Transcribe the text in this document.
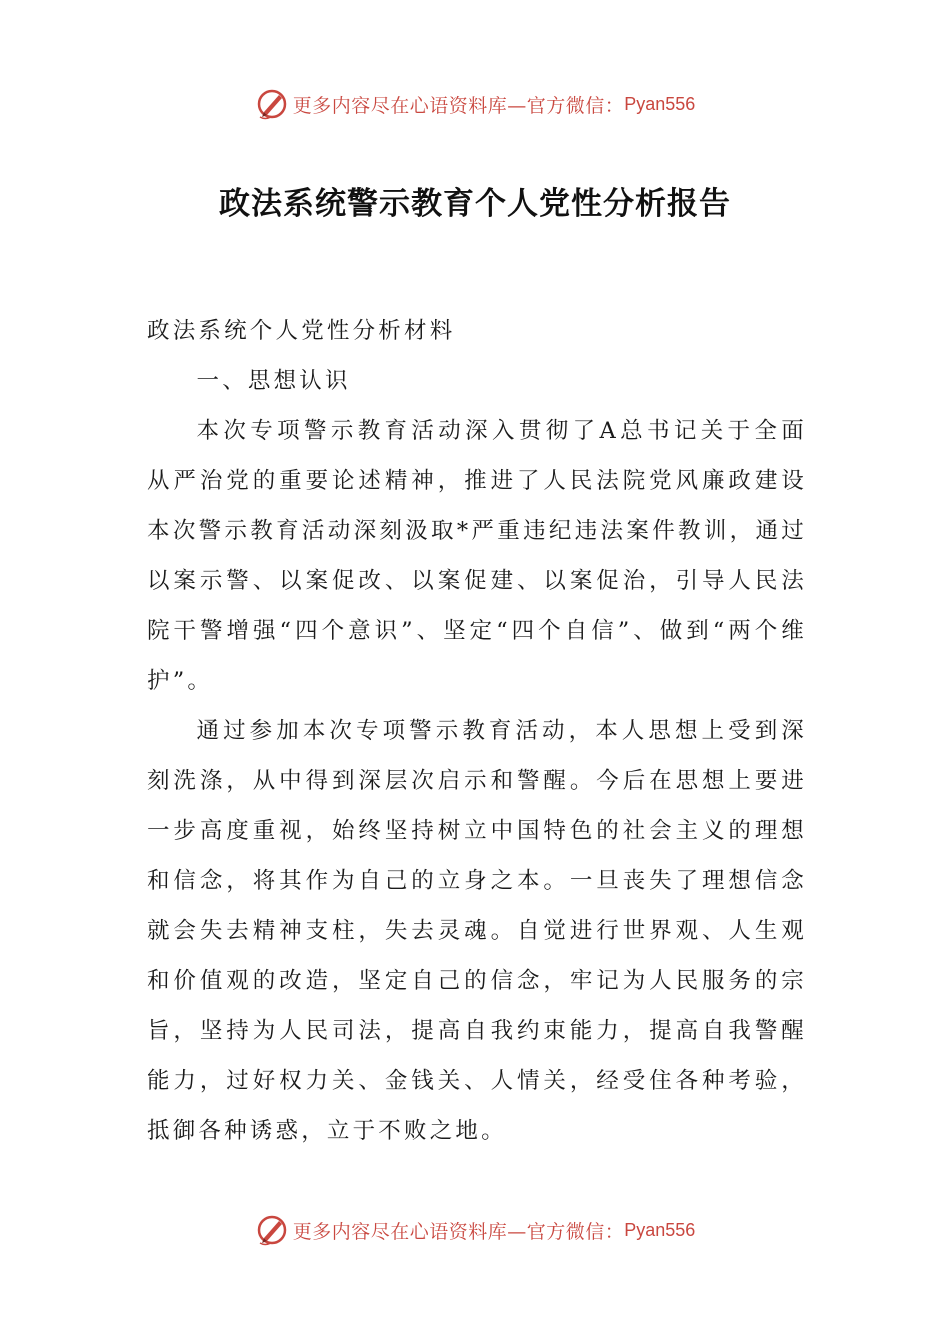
更多内容尽在心语资料库—官方微信： Pyan556
政法系统警示教育个人党性分析报告

政法系统个人党性分析材料

一、思想认识

本次专项警示教育活动深入贯彻了A总书记关于全面从严治党的重要论述精神，推进了人民法院党风廉政建设本次警示教育活动深刻汲取*严重违纪违法案件教训，通过以案示警、以案促改、以案促建、以案促治，引导人民法院干警增强“四个意识”、坚定“四个自信”、做到“两个维护”。

通过参加本次专项警示教育活动，本人思想上受到深刻洗涤，从中得到深层次启示和警醒。今后在思想上要进一步高度重视，始终坚持树立中国特色的社会主义的理想和信念，将其作为自己的立身之本。一旦丧失了理想信念就会失去精神支柱，失去灵魂。自觉进行世界观、人生观和价值观的改造，坚定自己的信念，牢记为人民服务的宗旨，坚持为人民司法，提高自我约束能力，提高自我警醒能力，过好权力关、金钱关、人情关，经受住各种考验，抵御各种诱惑，立于不败之地。

更多内容尽在心语资料库—官方微信： Pyan556
